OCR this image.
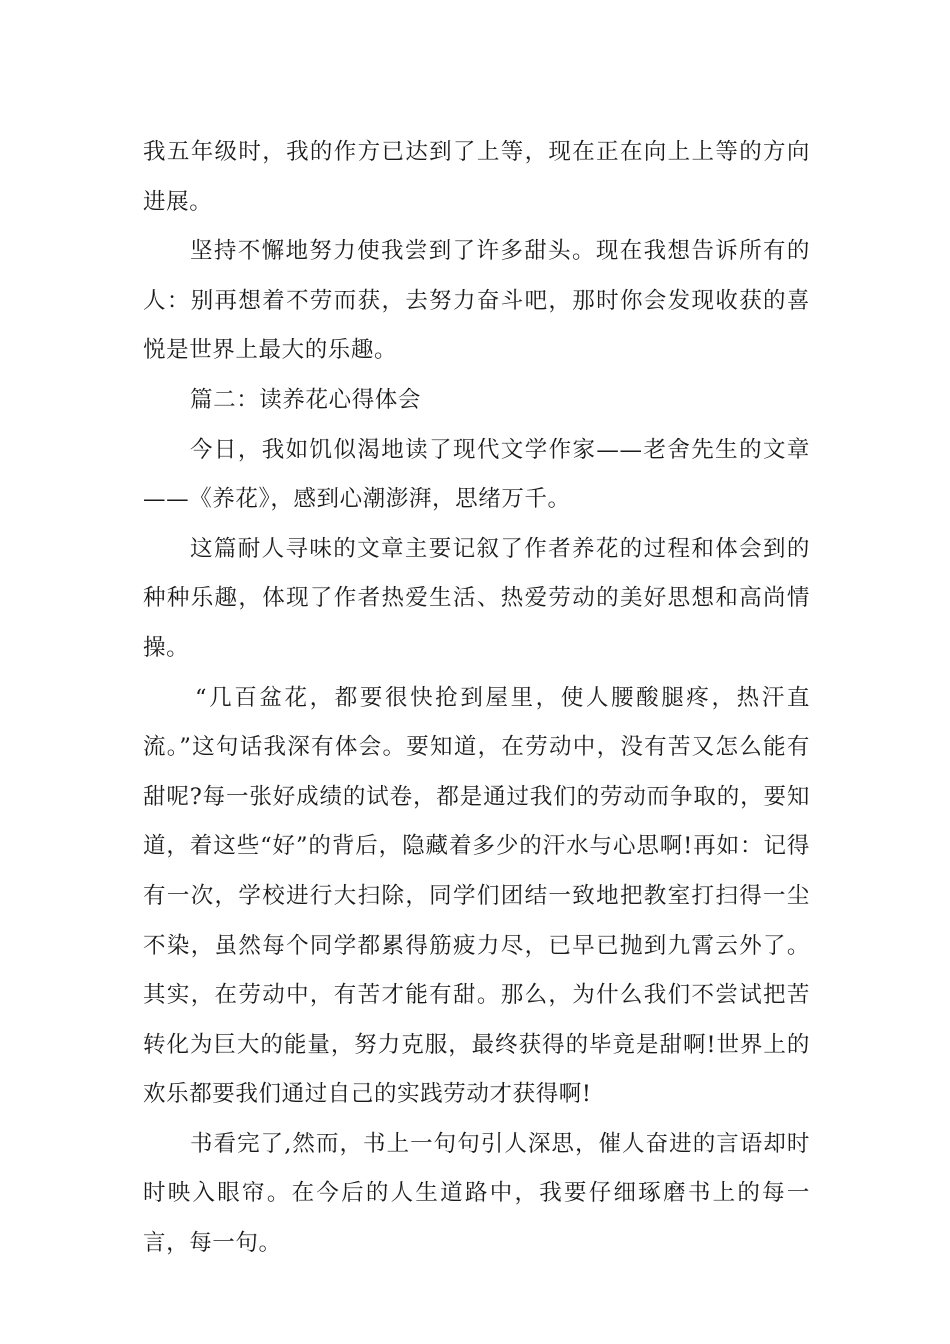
我五年级时，我的作方已达到了上等，现在正在向上上等的方向进展。

坚持不懈地努力使我尝到了许多甜头。现在我想告诉所有的人：别再想着不劳而获，去努力奋斗吧，那时你会发现收获的喜悦是世界上最大的乐趣。

篇二：读养花心得体会

今日，我如饥似渴地读了现代文学作家——老舍先生的文章——《养花》，感到心潮澎湃，思绪万千。

这篇耐人寻味的文章主要记叙了作者养花的过程和体会到的种种乐趣，体现了作者热爱生活、热爱劳动的美好思想和高尚情操。

“几百盆花，都要很快抢到屋里，使人腰酸腿疼，热汗直流。”这句话我深有体会。要知道，在劳动中，没有苦又怎么能有甜呢?每一张好成绩的试卷，都是通过我们的劳动而争取的，要知道，着这些“好”的背后，隐藏着多少的汗水与心思啊!再如：记得有一次，学校进行大扫除，同学们团结一致地把教室打扫得一尘不染，虽然每个同学都累得筋疲力尽，已早已抛到九霄云外了。其实，在劳动中，有苦才能有甜。那么，为什么我们不尝试把苦转化为巨大的能量，努力克服，最终获得的毕竟是甜啊!世界上的欢乐都要我们通过自己的实践劳动才获得啊!

书看完了,然而，书上一句句引人深思，催人奋进的言语却时时映入眼帘。在今后的人生道路中，我要仔细琢磨书上的每一言，每一句。
